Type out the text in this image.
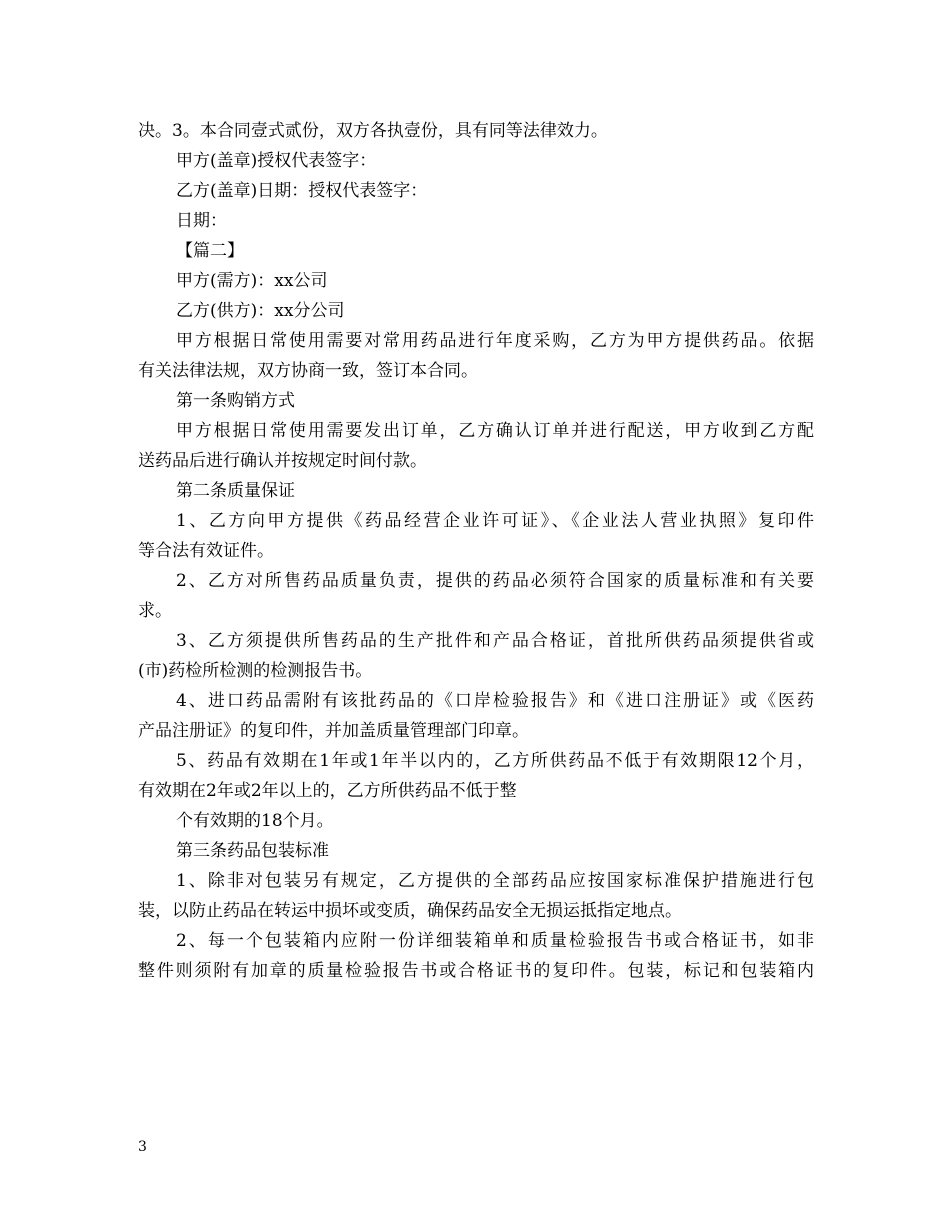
决。3。本合同壹式贰份，双方各执壹份，具有同等法律效力。
甲方(盖章)授权代表签字：
乙方(盖章)日期：授权代表签字：
日期：
【篇二】
甲方(需方)：xx公司
乙方(供方)：xx分公司
甲方根据日常使用需要对常用药品进行年度采购，乙方为甲方提供药品。依据
有关法律法规，双方协商一致，签订本合同。
第一条购销方式
甲方根据日常使用需要发出订单，乙方确认订单并进行配送，甲方收到乙方配
送药品后进行确认并按规定时间付款。
第二条质量保证
1、乙方向甲方提供《药品经营企业许可证》、《企业法人营业执照》复印件
等合法有效证件。
2、乙方对所售药品质量负责，提供的药品必须符合国家的质量标准和有关要
求。
3、乙方须提供所售药品的生产批件和产品合格证，首批所供药品须提供省或
(市)药检所检测的检测报告书。
4、进口药品需附有该批药品的《口岸检验报告》和《进口注册证》或《医药
产品注册证》的复印件，并加盖质量管理部门印章。
5、药品有效期在1年或1年半以内的，乙方所供药品不低于有效期限12个月，
有效期在2年或2年以上的，乙方所供药品不低于整
个有效期的18个月。
第三条药品包装标准
1、除非对包装另有规定，乙方提供的全部药品应按国家标准保护措施进行包
装，以防止药品在转运中损坏或变质，确保药品安全无损运抵指定地点。
2、每一个包装箱内应附一份详细装箱单和质量检验报告书或合格证书，如非
整件则须附有加章的质量检验报告书或合格证书的复印件。包装，标记和包装箱内
3
